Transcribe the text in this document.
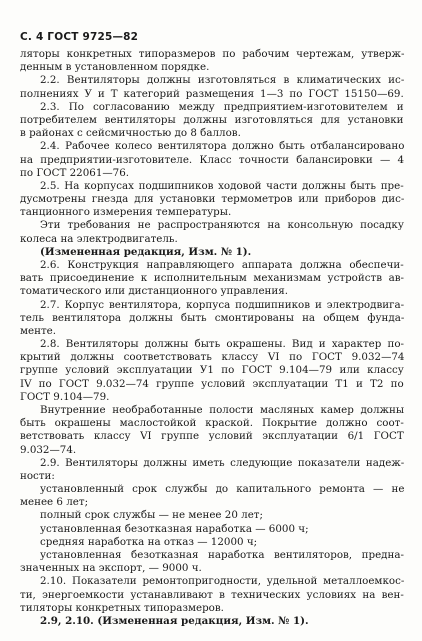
С. 4 ГОСТ 9725—82
ляторы конкретных типоразмеров по рабочим чертежам, утверж-
денным в установленном порядке.
2.2. Вентиляторы должны изготовляться в климатических ис-
полнениях У и Т категорий размещения 1—3 по ГОСТ 15150—69.
2.3. По согласованию между предприятием-изготовителем и
потребителем вентиляторы должны изготовляться для установки
в районах с сейсмичностью до 8 баллов.
2.4. Рабочее колесо вентилятора должно быть отбалансировано
на предприятии-изготовителе. Класс точности балансировки — 4
по ГОСТ 22061—76.
2.5. На корпусах подшипников ходовой части должны быть пре-
дусмотрены гнезда для установки термометров или приборов дис-
танционного измерения температуры.
Эти требования не распространяются на консольную посадку
колеса на электродвигатель.
(Измененная редакция, Изм. № 1).
2.6. Конструкция направляющего аппарата должна обеспечи-
вать присоединение к исполнительным механизмам устройств ав-
томатического или дистанционного управления.
2.7. Корпус вентилятора, корпуса подшипников и электродвига-
тель вентилятора должны быть смонтированы на общем фунда-
менте.
2.8. Вентиляторы должны быть окрашены. Вид и характер по-
крытий должны соответствовать классу VI по ГОСТ 9.032—74
группе условий эксплуатации У1 по ГОСТ 9.104—79 или классу
IV по ГОСТ 9.032—74 группе условий эксплуатации Т1 и Т2 по
ГОСТ 9.104—79.
Внутренние необработанные полости масляных камер должны
быть окрашены маслостойкой краской. Покрытие должно соот-
ветствовать классу VI группе условий эксплуатации 6/1 ГОСТ
9.032—74.
2.9. Вентиляторы должны иметь следующие показатели надеж-
ности:
установленный срок службы до капитального ремонта — не
менее 6 лет;
полный срок службы — не менее 20 лет;
установленная безотказная наработка — 6000 ч;
средняя наработка на отказ — 12000 ч;
установленная безотказная наработка вентиляторов, предна-
значенных на экспорт, — 9000 ч.
2.10. Показатели ремонтопригодности, удельной металлоемкос-
ти, энергоемкости устанавливают в технических условиях на вен-
тиляторы конкретных типоразмеров.
2.9, 2.10. (Измененная редакция, Изм. № 1).
